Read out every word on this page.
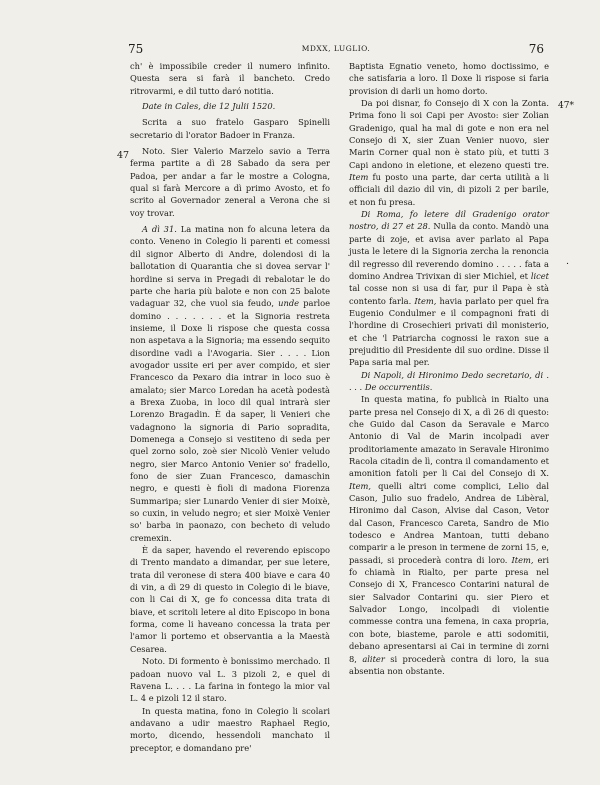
75	MDXX, LUGLIO.	76
47
47*
.

ch' è impossibile creder il numero infinito. Questa sera si farà il bancheto. Credo ritrovarmi, e dil tutto daró notitia.

Date in Cales, die 12 Julii 1520.

Scrita a suo fratelo Gasparo Spinelli secretario di l'orator Badoer in Franza.

Noto. Sier Valerio Marzelo savio a Terra ferma partite a dì 28 Sabado da sera per Padoa, per andar a far le mostre a Cologna, qual si farà Mercore a dì primo Avosto, et fo scrito al Governador zeneral a Verona che si voy trovar.

A dì 31. La matina non fo alcuna letera da conto. Veneno in Colegio li parenti et comessi dil signor Alberto di Andre, dolendosi di la ballotation di Quarantia che si dovea servar l' hordine si serva in Pregadi di rebalotar le do parte che haria più balote e non con 25 balote vadaguar 32, che vuol sia feudo, unde parloe domino . . . . . . . et la Signoria restreta insieme, il Doxe li rispose che questa cossa non aspetava a la Signoria; ma essendo sequito disordine vadi a l'Avogaria. Sier . . . . Lion avogador ussite eri per aver compido, et sier Francesco da Pexaro dia intrar in loco suo è amalato; sier Marco Loredan ha acetà podestà a Brexa Zuoba, in loco dil qual intrarà sier Lorenzo Bragadin. È da saper, li Venieri che vadagnono la signoria di Pario sopradita, Domenega a Consejo si vestiteno di seda per quel zorno solo, zoè sier Nicolò Venier veludo negro, sier Marco Antonio Venier so' fradello, fono de sier Zuan Francesco, damaschin negro, e questi è fioli di madona Fiorenza Summaripa; sier Lunardo Venier di sier Moixè, so cuxin, in veludo negro; et sier Moixè Venier so' barba in paonazo, con becheto di veludo cremexin.

È da saper, havendo el reverendo episcopo di Trento mandato a dimandar, per sue letere, trata dil veronese di stera 400 biave e cara 40 di vin, a dì 29 di questo in Colegio di le biave, con li Cai di X, ge fo concessa dita trata di biave, et scritoli letere al dito Episcopo in bona forma, come li haveano concessa la trata per l'amor li portemo et observantia a la Maestà Cesarea.

Noto. Di formento è bonissimo merchado. Il padoan nuovo val L. 3 pizoli 2, e quel di Ravena L. . . . La farina in fontego la mior val L. 4 e pizoli 12 il staro.

In questa matina, fono in Colegio li scolari andavano a udir maestro Raphael Regio, morto, dicendo, hessendoli manchato il preceptor, e domandano pre'

Baptista Egnatio veneto, homo doctissimo, e che satisfaria a loro. Il Doxe li rispose si faria provision di darli un homo dorto.

Da poi disnar, fo Consejo di X con la Zonta. Prima fono li soi Capi per Avosto: sier Zolian Gradenigo, qual ha mal di gote e non era nel Consejo di X, sier Zuan Venier nuovo, sier Marin Corner qual non è stato più, et tutti 3 Capi andono in eletione, et elezeno questi tre. Item fu posto una parte, dar certa utilità a li officiali dil dazio dil vin, di pizoli 2 per barile, et non fu presa.

Di Roma, fo letere dil Gradenigo orator nostro, di 27 et 28. Nulla da conto. Mandò una parte di zoje, et avisa aver parlato al Papa justa le letere di la Signoria zercha la renoncia dil regresso dil reverendo domino . . . . . fata a domino Andrea Trivixan di sier Michiel, et licet tal cosse non si usa di far, pur il Papa è stà contento farla. Item, havia parlato per quel fra Eugenio Condulmer e il compagnoni frati di l'hordine di Crosechieri privati dil monisterio, et che 'l Patriarcha cognossi le raxon sue a prejuditio dil Presidente dil suo ordine. Disse il Papa saria mal per.

Di Napoli, di Hironimo Dedo secretario, di . . . . De occurrentiis.

In questa matina, fo publicà in Rialto una parte presa nel Consejo di X, a dì 26 di questo: che Guido dal Cason da Seravale e Marco Antonio di Val de Marin incolpadi aver proditoriamente amazato in Seravale Hironimo Racola citadin de lì, contra il comandamento et amonition fatoli per li Cai del Consejo di X. Item, quelli altri come complici, Lelio dal Cason, Julio suo fradelo, Andrea de Libèral, Hironimo dal Cason, Alvise dal Cason, Vetor dal Cason, Francesco Careta, Sandro de Mio todesco e Andrea Mantoan, tutti debano comparir a le preson in termene de zorni 15, e, passadi, si procederà contra di loro. Item, eri fo chiamà in Rialto, per parte presa nel Consejo di X, Francesco Contarini natural de sier Salvador Contarini qu. sier Piero et Salvador Longo, incolpadi di violentie commesse contra una femena, in caxa propria, con bote, biasteme, parole e atti sodomitii, debano apresentarsi ai Cai in termine di zorni 8, aliter si procederà contra di loro, la sua absentia non obstante.
